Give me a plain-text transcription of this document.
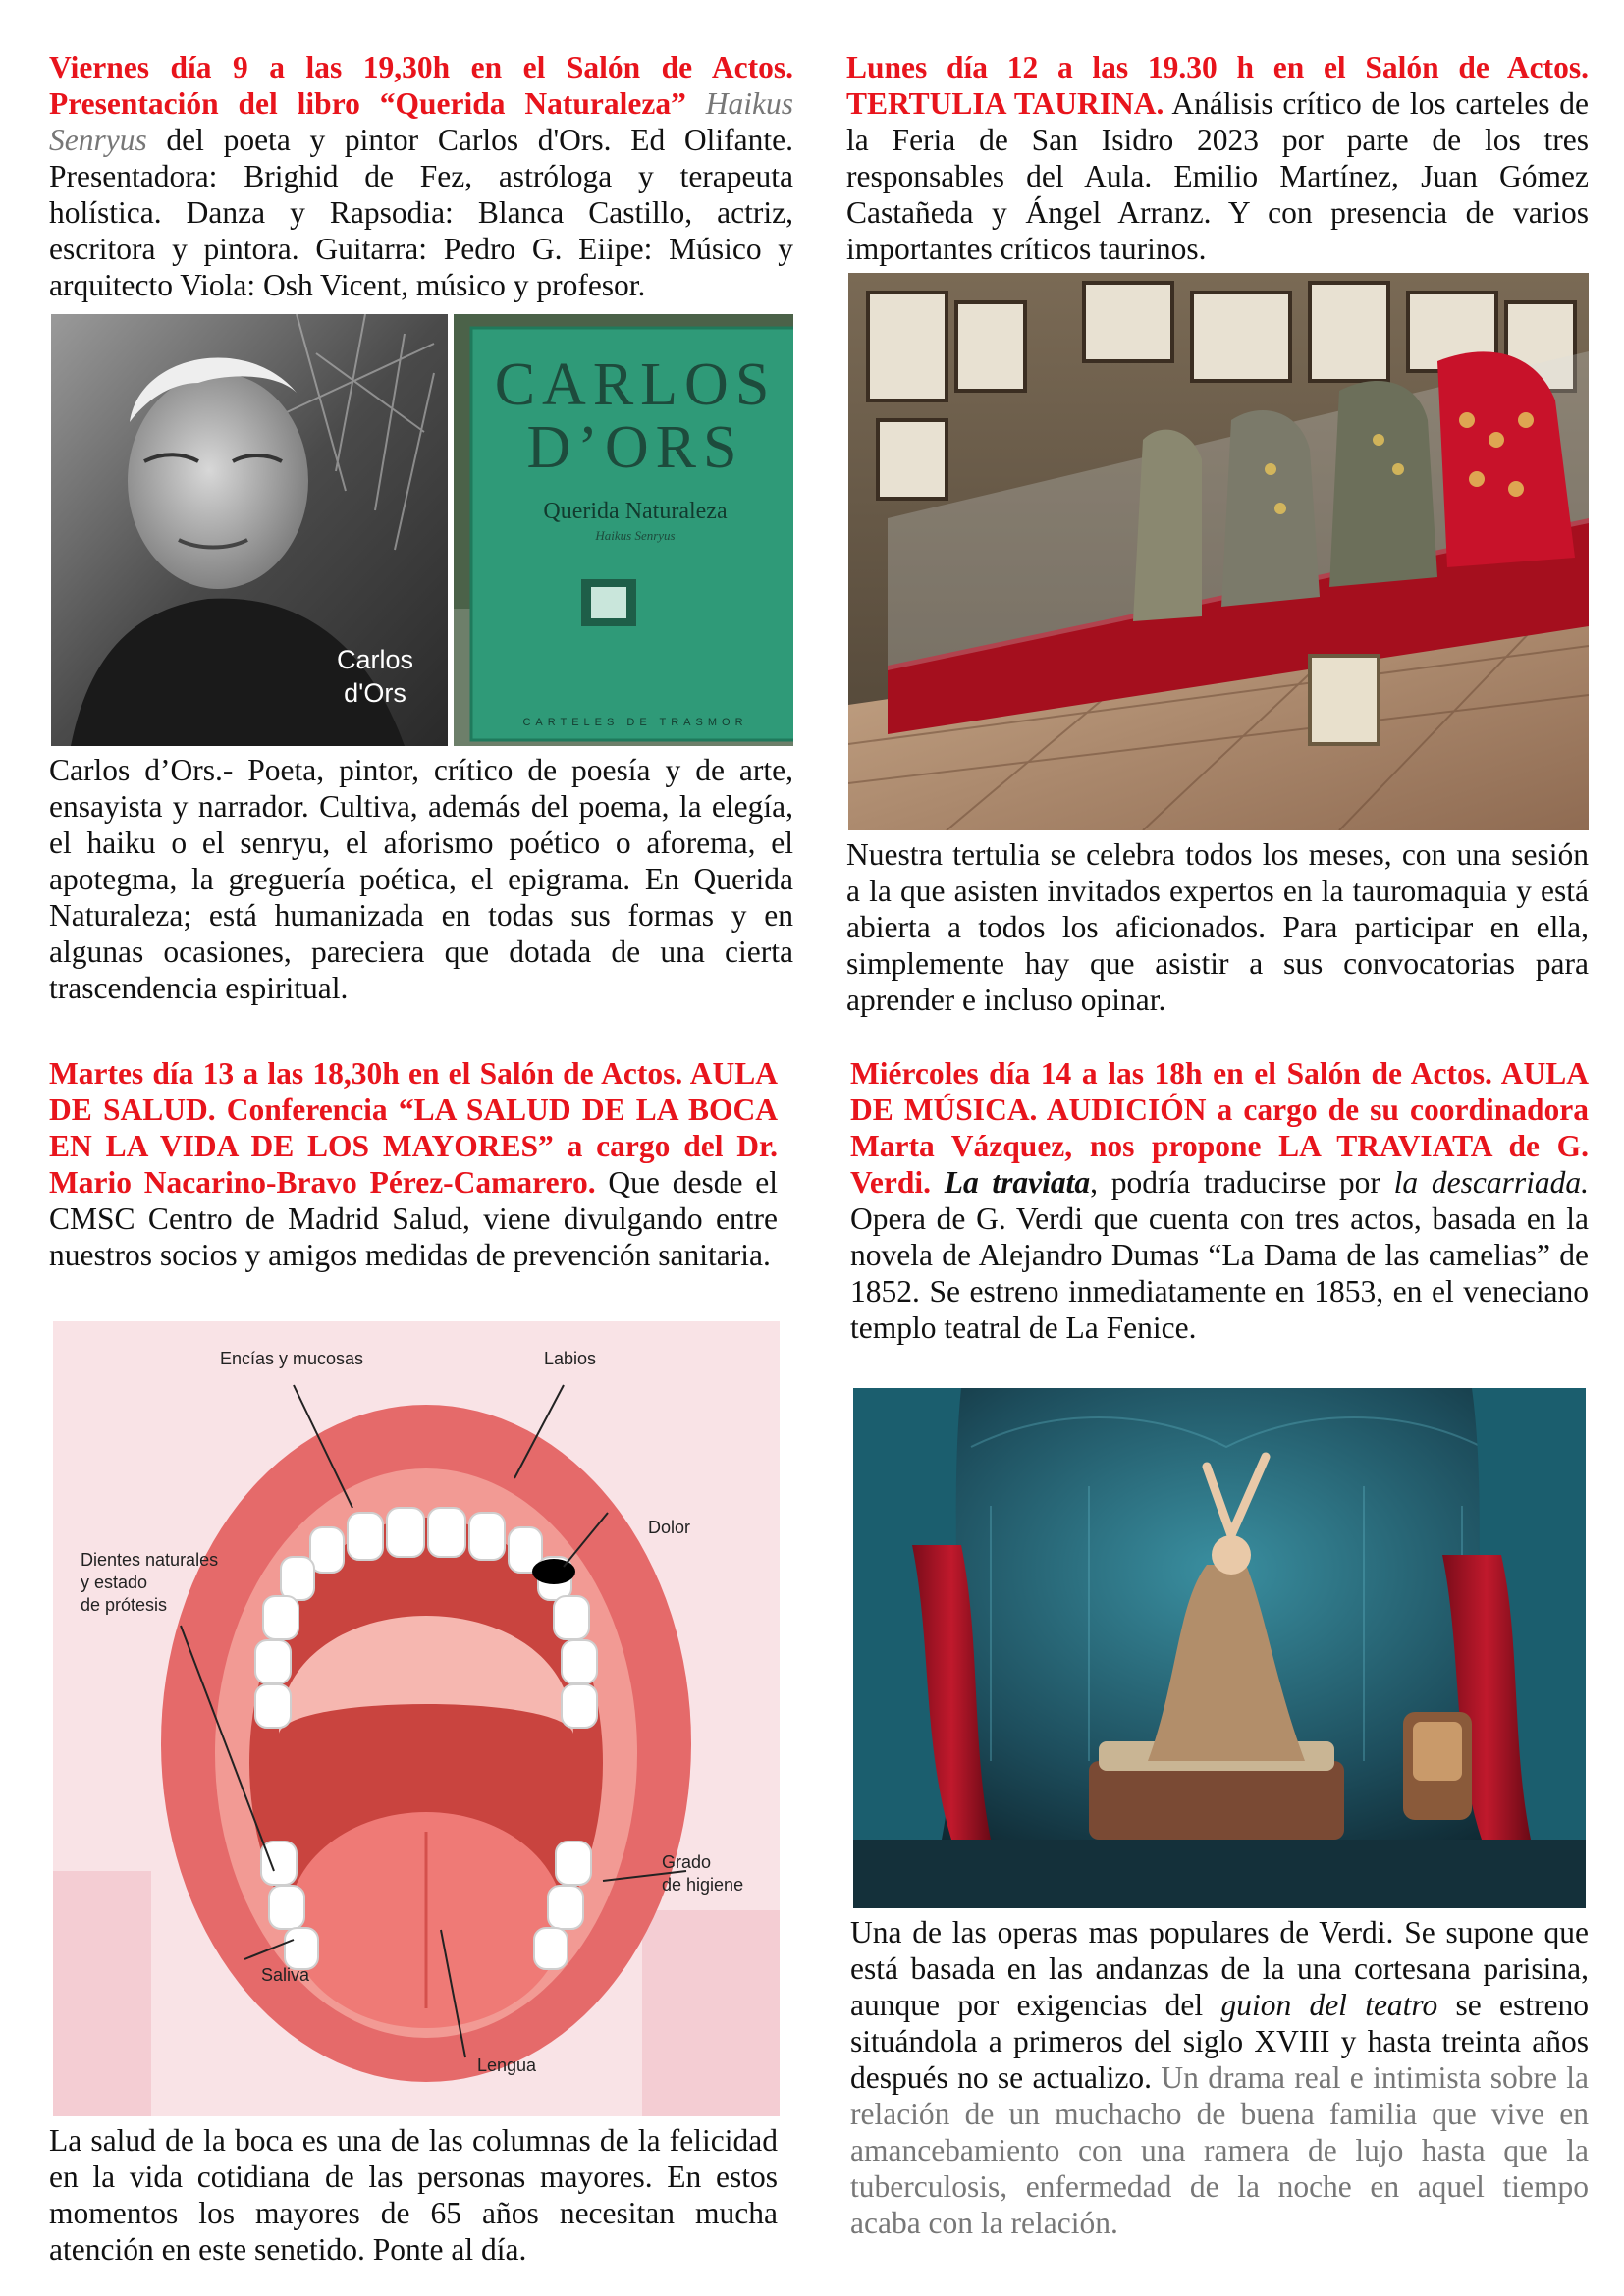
Viernes día 9 a las 19,30h en el Salón de Actos. Presentación del libro “Querida Naturaleza” Haikus Senryus del poeta y pintor Carlos d'Ors. Ed Olifante. Presentadora: Brighid de Fez, astróloga y terapeuta holística. Danza y Rapsodia: Blanca Castillo, actriz, escritora y pintora. Guitarra: Pedro G. Eiipe: Músico y arquitecto Viola: Osh Vicent, músico y profesor.

Carlos d'Ors
CARLOS
D’ORS
Querida Naturaleza
Haikus Senryus
CARTELES DE TRASMOR

Carlos d’Ors.- Poeta, pintor, crítico de poesía y de arte, ensayista y narrador. Cultiva, además del poema, la elegía, el haiku o el senryu, el aforismo poético o aforema, el apotegma, la greguería poética, el epigrama. En Querida Naturaleza; está humanizada en todas sus formas y en algunas ocasiones, pareciera que dotada de una cierta trascendencia espiritual.

Lunes día 12 a las 19.30 h en el Salón de Actos. TERTULIA TAURINA. Análisis crítico de los carteles de la Feria de San Isidro 2023 por parte de los tres responsables del Aula. Emilio Martínez, Juan Gómez Castañeda y Ángel Arranz. Y con presencia de varios importantes críticos taurinos.

Nuestra tertulia se celebra todos los meses, con una sesión a la que asisten invitados expertos en la tauromaquia y está abierta a todos los aficionados. Para participar en ella, simplemente hay que asistir a sus convocatorias para aprender e incluso opinar.

Martes día 13 a las 18,30h en el Salón de Actos. AULA DE SALUD. Conferencia “LA SALUD DE LA BOCA EN LA VIDA DE LOS MAYORES” a cargo del Dr. Mario Nacarino-Bravo Pérez-Camarero. Que desde el CMSC Centro de Madrid Salud, viene divulgando entre nuestros socios y amigos medidas de prevención sanitaria.

Encías y mucosas	Labios
Dolor
Dientes naturales
y estado
de prótesis
Grado
de higiene
Saliva
Lengua

La salud de la boca es una de las columnas de la felicidad en la vida cotidiana de las personas mayores. En estos momentos los mayores de 65 años necesitan mucha atención en este senetido. Ponte al día.

Miércoles día 14 a las 18h en el Salón de Actos. AULA DE MÚSICA. AUDICIÓN a cargo de su coordinadora Marta Vázquez, nos propone LA TRAVIATA de G. Verdi. La traviata, podría traducirse por la descarriada. Opera de G. Verdi que cuenta con tres actos, basada en la novela de Alejandro Dumas “La Dama de las camelias” de 1852. Se estreno inmediatamente en 1853, en el veneciano templo teatral de La Fenice.

Una de las operas mas populares de Verdi. Se supone que está basada en las andanzas de la una cortesana parisina, aunque por exigencias del guion del teatro se estreno situándola a primeros del siglo XVIII y hasta treinta años después no se actualizo. Un drama real e intimista sobre la relación de un muchacho de buena familia que vive en amancebamiento con una ramera de lujo hasta que la tuberculosis, enfermedad de la noche en aquel tiempo acaba con la relación.
